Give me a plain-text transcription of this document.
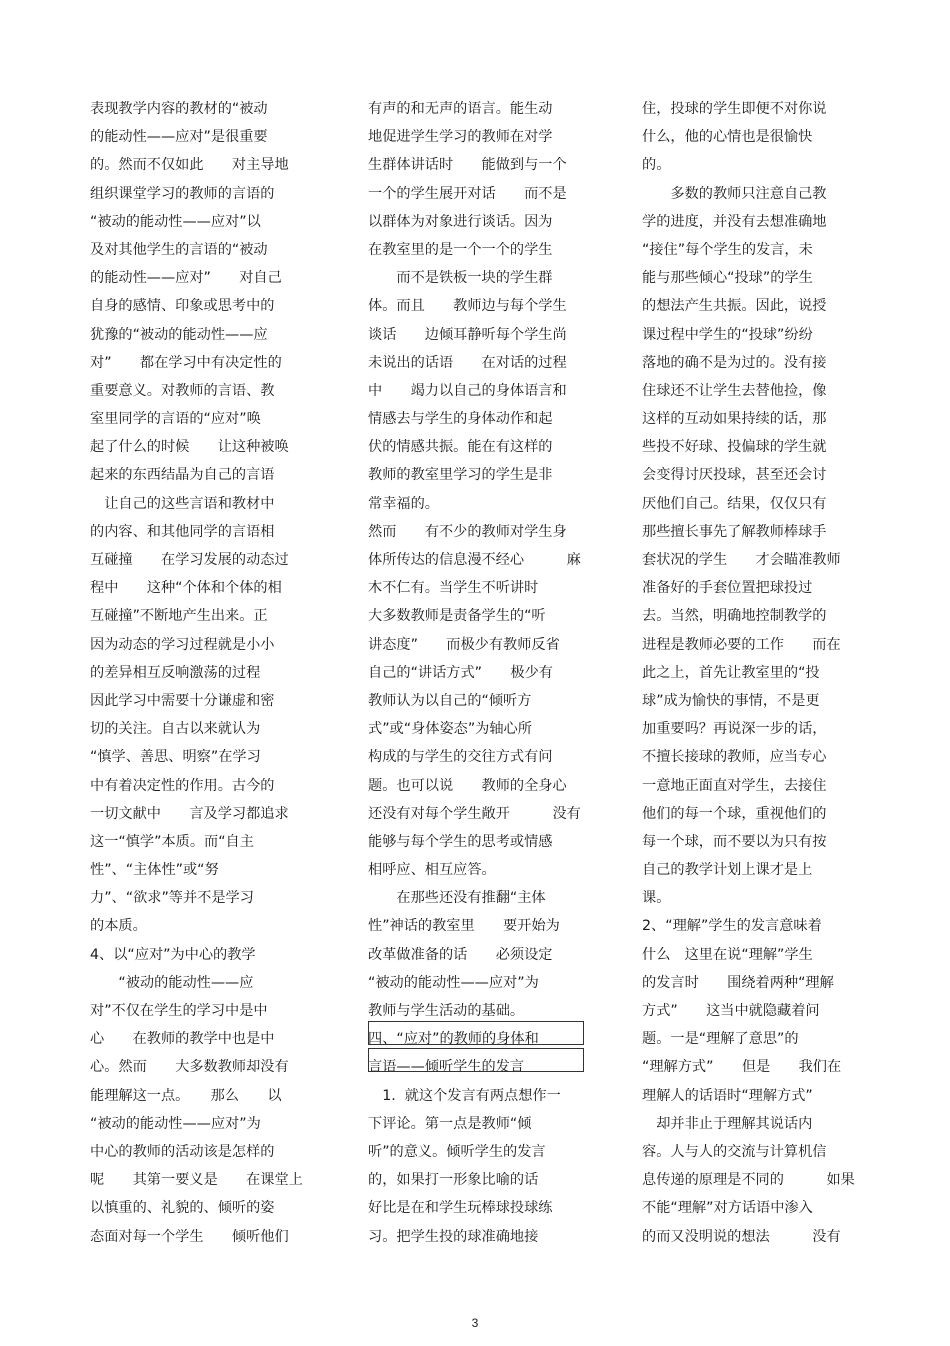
表现教学内容的教材的“被动
的能动性——应对”是很重要
的。然而不仅如此　　对主导地
组织课堂学习的教师的言语的
“被动的能动性——应对”以
及对其他学生的言语的“被动
的能动性——应对”　　对自己
自身的感情、印象或思考中的
犹豫的“被动的能动性——应
对”　　都在学习中有决定性的
重要意义。对教师的言语、教
室里同学的言语的“应对”唤
起了什么的时候　　让这种被唤
起来的东西结晶为自己的言语
　让自己的这些言语和教材中
的内容、和其他同学的言语相
互碰撞　　在学习发展的动态过
程中　　这种“个体和个体的相
互碰撞”不断地产生出来。正
因为动态的学习过程就是小小
的差异相互反响激荡的过程
因此学习中需要十分谦虚和密
切的关注。自古以来就认为
“慎学、善思、明察”在学习
中有着决定性的作用。古今的
一切文献中　　言及学习都追求
这一“慎学”本质。而“自主
性”、“主体性”或“努
力”、“欲求”等并不是学习
的本质。
4、以“应对”为中心的教学
　　“被动的能动性——应
对”不仅在学生的学习中是中
心　　在教师的教学中也是中
心。然而　　大多数教师却没有
能理解这一点。　　那么　　以
“被动的能动性——应对”为
中心的教师的活动该是怎样的
呢　　其第一要义是　　在课堂上
以慎重的、礼貌的、倾听的姿
态面对每一个学生　　倾听他们
有声的和无声的语言。能生动
地促进学生学习的教师在对学
生群体讲话时　　能做到与一个
一个的学生展开对话　　而不是
以群体为对象进行谈话。因为
在教室里的是一个一个的学生
　　而不是铁板一块的学生群
体。而且　　教师边与每个学生
谈话　　边倾耳静听每个学生尚
未说出的话语　　在对话的过程
中　　竭力以自己的身体语言和
情感去与学生的身体动作和起
伏的情感共振。能在有这样的
教师的教室里学习的学生是非
常幸福的。
然而　　有不少的教师对学生身
体所传达的信息漫不经心　　　麻
木不仁有。当学生不听讲时
大多数教师是责备学生的“听
讲态度”　　而极少有教师反省
自己的“讲话方式”　　极少有
教师认为以自己的“倾听方
式”或“身体姿态”为轴心所
构成的与学生的交往方式有问
题。也可以说　　教师的全身心
还没有对每个学生敞开　　　没有
能够与每个学生的思考或情感
相呼应、相互应答。
　　在那些还没有推翻“主体
性”神话的教室里　　要开始为
改革做准备的话　　必须设定
“被动的能动性——应对”为
教师与学生活动的基础。
四、“应对”的教师的身体和
言语——倾听学生的发言
　1.  就这个发言有两点想作一
下评论。第一点是教师“倾
听”的意义。倾听学生的发言
的，如果打一形象比喻的话
好比是在和学生玩棒球投球练
习。把学生投的球准确地接
住，投球的学生即便不对你说
什么，他的心情也是很愉快
的。
　　多数的教师只注意自己教
学的进度，并没有去想准确地
“接住”每个学生的发言，未
能与那些倾心“投球”的学生
的想法产生共振。因此，说授
课过程中学生的“投球”纷纷
落地的确不是为过的。没有接
住球还不让学生去替他捡，像
这样的互动如果持续的话，那
些投不好球、投偏球的学生就
会变得讨厌投球，甚至还会讨
厌他们自己。结果，仅仅只有
那些擅长事先了解教师棒球手
套状况的学生　　才会瞄准教师
准备好的手套位置把球投过
去。当然，明确地控制教学的
进程是教师必要的工作　　而在
此之上，首先让教室里的“投
球”成为愉快的事情，不是更
加重要吗？再说深一步的话，
不擅长接球的教师，应当专心
一意地正面直对学生，去接住
他们的每一个球，重视他们的
每一个球，而不要以为只有按
自己的教学计划上课才是上
课。
2、“理解”学生的发言意味着
什么　这里在说“理解”学生
的发言时　　围绕着两种“理解
方式”　　这当中就隐藏着问
题。一是“理解了意思”的
“理解方式”　　但是　　我们在
理解人的话语时“理解方式”
　却并非止于理解其说话内
容。人与人的交流与计算机信
息传递的原理是不同的　　　如果
不能“理解”对方话语中渗入
的而又没明说的想法　　　没有
3
